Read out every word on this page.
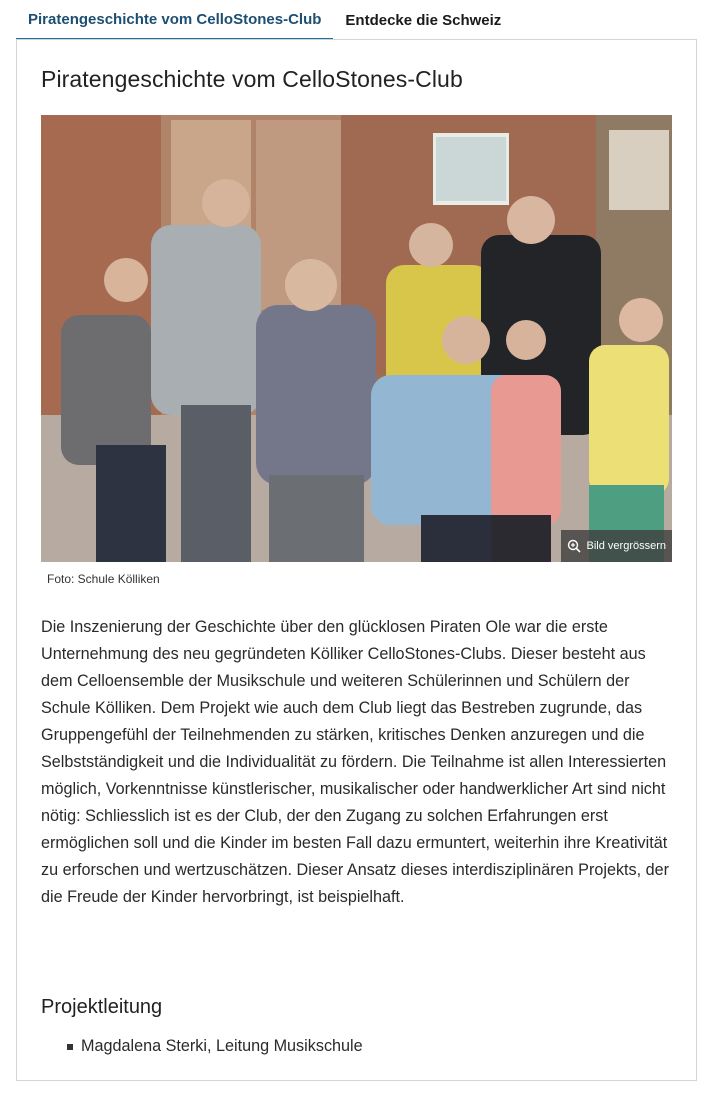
Piratengeschichte vom CelloStones-Club Entdecke die Schweiz
Piratengeschichte vom CelloStones-Club
Bild vergrössern
Foto: Schule Kölliken

Die Inszenierung der Geschichte über den glücklosen Piraten Ole war die erste Unternehmung des neu gegründeten Kölliker CelloStones-Clubs. Dieser besteht aus dem Celloensemble der Musikschule und weiteren Schülerinnen und Schülern der Schule Kölliken. Dem Projekt wie auch dem Club liegt das Bestreben zugrunde, das Gruppengefühl der Teilnehmenden zu stärken, kritisches Denken anzuregen und die Selbstständigkeit und die Individualität zu fördern. Die Teilnahme ist allen Interessierten möglich, Vorkenntnisse künstlerischer, musikalischer oder handwerklicher Art sind nicht nötig: Schliesslich ist es der Club, der den Zugang zu solchen Erfahrungen erst ermöglichen soll und die Kinder im besten Fall dazu ermuntert, weiterhin ihre Kreativität zu erforschen und wertzuschätzen. Dieser Ansatz dieses interdisziplinären Projekts, der die Freude der Kinder hervorbringt, ist beispielhaft.

Projektleitung
Magdalena Sterki, Leitung Musikschule
